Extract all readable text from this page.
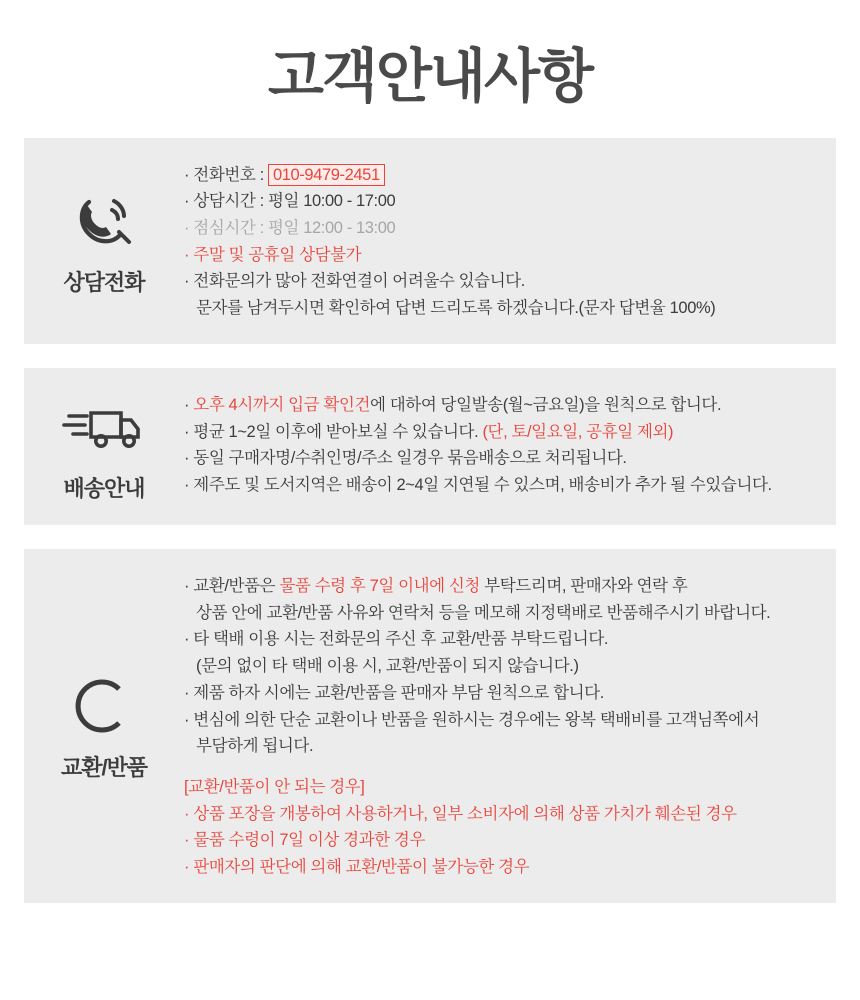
고객안내사항
상담전화
· 전화번호 : 010-9479-2451
· 상담시간 : 평일 10:00 - 17:00
· 점심시간 : 평일 12:00 - 13:00
· 주말 및 공휴일 상담불가
· 전화문의가 많아 전화연결이 어려울수 있습니다.
문자를 남겨두시면 확인하여 답변 드리도록 하겠습니다.(문자 답변율 100%)
배송안내
· 오후 4시까지 입금 확인건에 대하여 당일발송(월~금요일)을 원칙으로 합니다.
· 평균 1~2일 이후에 받아보실 수 있습니다. (단, 토/일요일, 공휴일 제외)
· 동일 구매자명/수취인명/주소 일경우 묶음배송으로 처리됩니다.
· 제주도 및 도서지역은 배송이 2~4일 지연될 수 있스며, 배송비가 추가 될 수있습니다.
교환/반품
· 교환/반품은 물품 수령 후 7일 이내에 신청 부탁드리며, 판매자와 연락 후
상품 안에 교환/반품 사유와 연락처 등을 메모해 지정택배로 반품해주시기 바랍니다.
· 타 택배 이용 시는 전화문의 주신 후 교환/반품 부탁드립니다.
(문의 없이 타 택배 이용 시, 교환/반품이 되지 않습니다.)
· 제품 하자 시에는 교환/반품을 판매자 부담 원칙으로 합니다.
· 변심에 의한 단순 교환이나 반품을 원하시는 경우에는 왕복 택배비를 고객님쪽에서
부담하게 됩니다.
[교환/반품이 안 되는 경우]
· 상품 포장을 개봉하여 사용하거나, 일부 소비자에 의해 상품 가치가 훼손된 경우
· 물품 수령이 7일 이상 경과한 경우
· 판매자의 판단에 의해 교환/반품이 불가능한 경우
